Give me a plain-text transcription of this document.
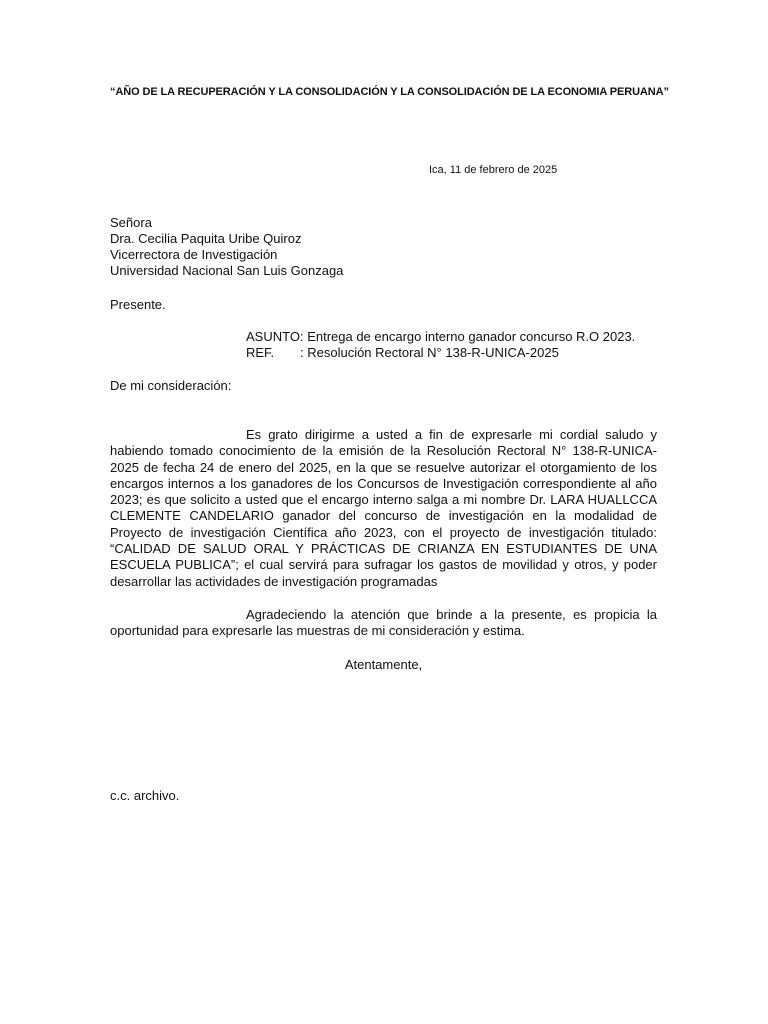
“AÑO DE LA RECUPERACIÓN Y LA CONSOLIDACIÓN Y LA CONSOLIDACIÓN DE LA ECONOMIA PERUANA”
Ica, 11 de febrero de 2025
Señora
Dra. Cecilia Paquita Uribe Quiroz
Vicerrectora de Investigación
Universidad Nacional San Luis Gonzaga
Presente.
ASUNTO: Entrega de encargo interno ganador concurso R.O 2023.
REF. : Resolución Rectoral N° 138-R-UNICA-2025
De mi consideración:
Es grato dirigirme a usted a fin de expresarle mi cordial saludo y habiendo tomado conocimiento de la emisión de la Resolución Rectoral N° 138-R-UNICA-2025 de fecha 24 de enero del 2025, en la que se resuelve autorizar el otorgamiento de los encargos internos a los ganadores de los Concursos de Investigación correspondiente al año 2023; es que solicito a usted que el encargo interno salga a mi nombre Dr. LARA HUALLCCA CLEMENTE CANDELARIO ganador del concurso de investigación en la modalidad de Proyecto de investigación Científica año 2023, con el proyecto de investigación titulado: “CALIDAD DE SALUD ORAL Y PRÁCTICAS DE CRIANZA EN ESTUDIANTES DE UNA ESCUELA PUBLICA”; el cual servirá para sufragar los gastos de movilidad y otros, y poder desarrollar las actividades de investigación programadas
Agradeciendo la atención que brinde a la presente, es propicia la oportunidad para expresarle las muestras de mi consideración y estima.
Atentamente,
c.c. archivo.
